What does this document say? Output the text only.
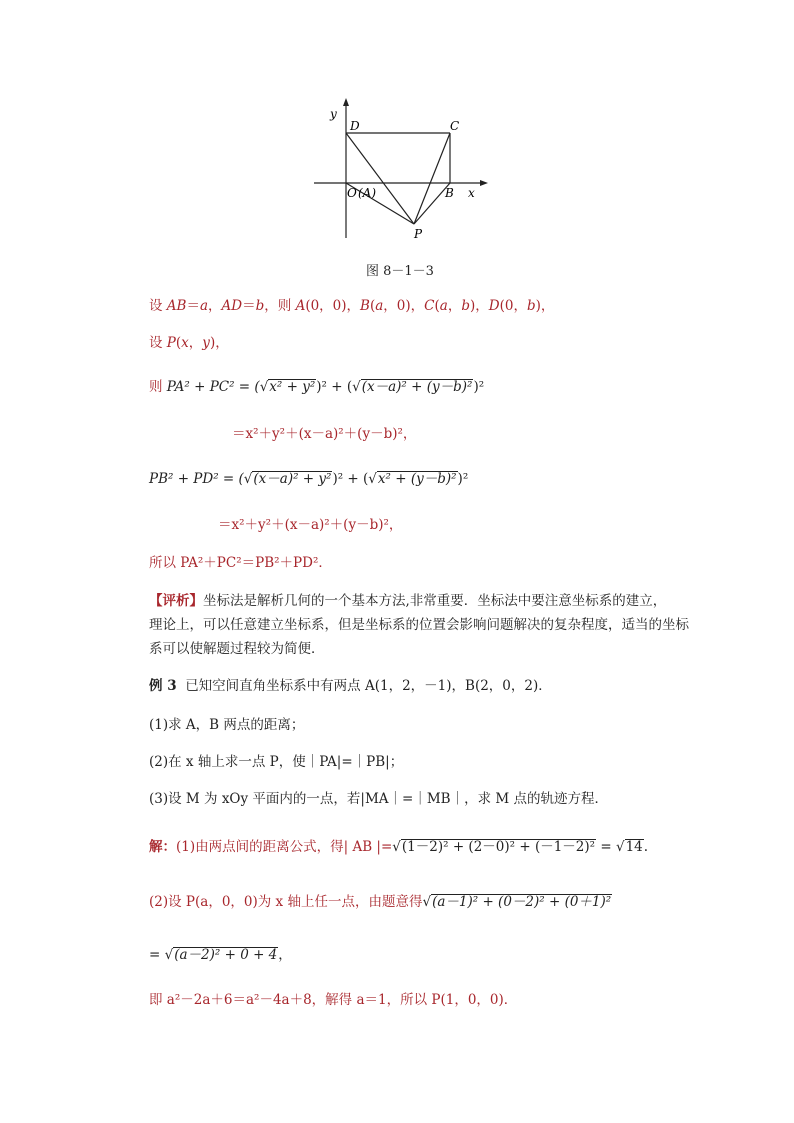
y
D	C
O (A)	B x
P
图 8－1－3
设 AB＝a，AD＝b，则 A(0，0)，B(a，0)，C(a，b)，D(0，b)，
设 P(x，y)，
则 PA² + PC² = (√x² + y²)² + (√(x－a)² + (y－b)²)²
＝x²＋y²＋(x－a)²＋(y－b)²，
PB² + PD² = (√(x－a)² + y²)² + (√x² + (y－b)²)²
＝x²＋y²＋(x－a)²＋(y－b)²，
所以 PA²＋PC²＝PB²＋PD²．
【评析】坐标法是解析几何的一个基本方法,非常重要．坐标法中要注意坐标系的建立，
理论上，可以任意建立坐标系，但是坐标系的位置会影响问题解决的复杂程度，适当的坐标
系可以使解题过程较为简便．
例 3 已知空间直角坐标系中有两点 A(1，2，－1)，B(2，0，2)．
(1)求 A，B 两点的距离；
(2)在 x 轴上求一点 P，使｜PA|=｜PB|；
(3)设 M 为 xOy 平面内的一点，若|MA｜=｜MB｜，求 M 点的轨迹方程．
解：(1)由两点间的距离公式，得| AB |=√(1－2)² + (2－0)² + (－1－2)² = √14.
(2)设 P(a，0，0)为 x 轴上任一点，由题意得√(a－1)² + (0－2)² + (0＋1)²
= √(a－2)² + 0 + 4，
即 a²－2a＋6＝a²－4a＋8，解得 a＝1，所以 P(1，0，0)．
